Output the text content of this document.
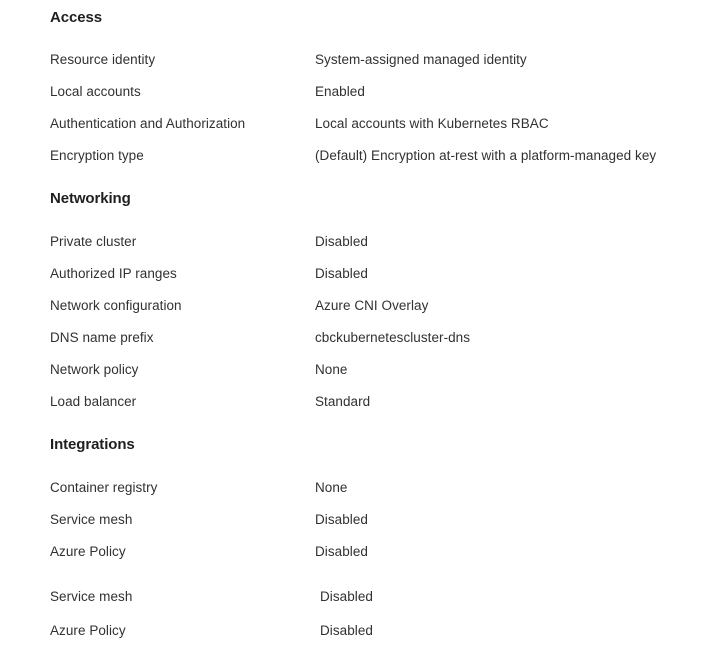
Access
Resource identity	System-assigned managed identity
Local accounts	Enabled
Authentication and Authorization	Local accounts with Kubernetes RBAC
Encryption type	(Default) Encryption at-rest with a platform-managed key
Networking
Private cluster	Disabled
Authorized IP ranges	Disabled
Network configuration	Azure CNI Overlay
DNS name prefix	cbckubernetescluster-dns
Network policy	None
Load balancer	Standard
Integrations
Container registry	None
Service mesh	Disabled
Azure Policy	Disabled
Service mesh	Disabled
Azure Policy	Disabled
